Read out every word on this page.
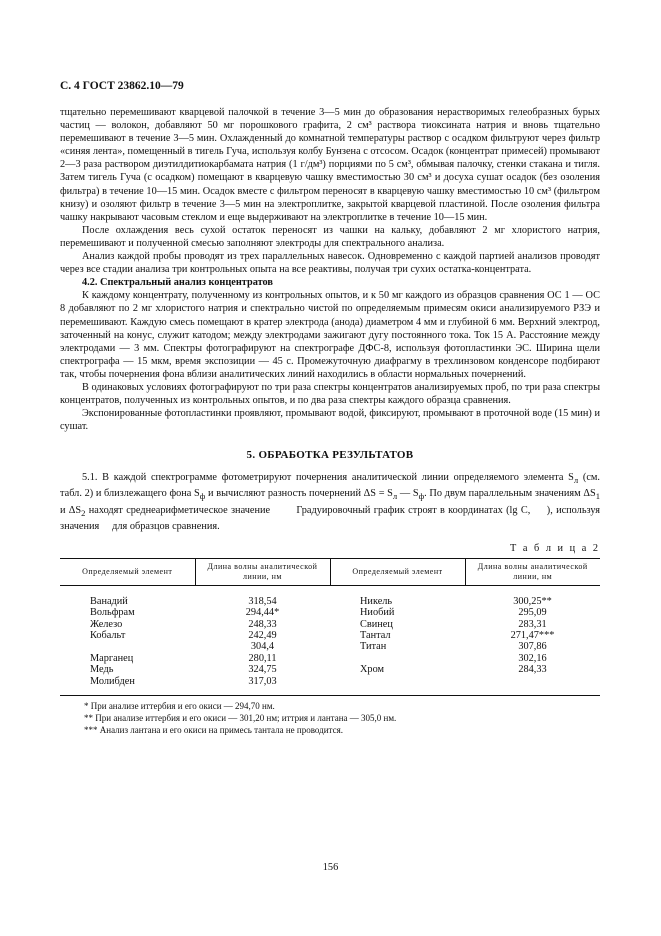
С. 4 ГОСТ 23862.10—79

тщательно перемешивают кварцевой палочкой в течение 3—5 мин до образования нерастворимых гелеобразных бурых частиц — волокон, добавляют 50 мг порошкового графита, 2 см³ раствора тиоксината натрия и вновь тщательно перемешивают в течение 3—5 мин. Охлажденный до комнатной температуры раствор с осадком фильтруют через фильтр «синяя лента», помещенный в тигель Гуча, используя колбу Бунзена с отсосом. Осадок (концентрат примесей) промывают 2—3 раза раствором диэтилдитиокарбамата натрия (1 г/дм³) порциями по 5 см³, обмывая палочку, стенки стакана и тигля. Затем тигель Гуча (с осадком) помещают в кварцевую чашку вместимостью 30 см³ и досуха сушат осадок (без озоления фильтра) в течение 10—15 мин. Осадок вместе с фильтром переносят в кварцевую чашку вместимостью 10 см³ (фильтром книзу) и озоляют фильтр в течение 3—5 мин на электроплитке, закрытой кварцевой пластиной. После озоления фильтра чашку накрывают часовым стеклом и еще выдерживают на электроплитке в течение 10—15 мин.

После охлаждения весь сухой остаток переносят из чашки на кальку, добавляют 2 мг хлористого натрия, перемешивают и полученной смесью заполняют электроды для спектрального анализа.

Анализ каждой пробы проводят из трех параллельных навесок. Одновременно с каждой партией анализов проводят через все стадии анализа три контрольных опыта на все реактивы, получая три сухих остатка-концентрата.

4.2. Спектральный анализ концентратов

К каждому концентрату, полученному из контрольных опытов, и к 50 мг каждого из образцов сравнения ОС 1 — ОС 8 добавляют по 2 мг хлористого натрия и спектрально чистой по определяемым примесям окиси анализируемого РЗЭ и перемешивают. Каждую смесь помещают в кратер электрода (анода) диаметром 4 мм и глубиной 6 мм. Верхний электрод, заточенный на конус, служит катодом; между электродами зажигают дугу постоянного тока. Ток 15 А. Расстояние между электродами — 3 мм. Спектры фотографируют на спектрографе ДФС-8, используя фотопластинки ЭС. Ширина щели спектрографа — 15 мкм, время экспозиции — 45 с. Промежуточную диафрагму в трехлинзовом конденсоре подбирают так, чтобы почернения фона вблизи аналитических линий находились в области нормальных почернений.

В одинаковых условиях фотографируют по три раза спектры концентратов анализируемых проб, по три раза спектры концентратов, полученных из контрольных опытов, и по два раза спектры каждого образца сравнения.

Экспонированные фотопластинки проявляют, промывают водой, фиксируют, промывают в проточной воде (15 мин) и сушат.

5. ОБРАБОТКА РЕЗУЛЬТАТОВ

5.1. В каждой спектрограмме фотометрируют почернения аналитической линии определяемого элемента $S_л$ (см. табл. 2) и близлежащего фона $S_ф$ и вычисляют разность почернений $\Delta S = S_л$ — $S_ф$. По двум параллельным значениям $\Delta S_1$ и $\Delta S_2$ находят среднеарифметическое значение        Градуировочный график строят в координатах (lg C, ), используя значения для образцов сравнения.

Т а б л и ц а 2
Определяемый элемент	Длина волны аналитической линии, нм	Определяемый элемент	Длина волны аналитической линии, нм
Ванадий	318,54	Никель	300,25**
Вольфрам	294,44*	Ниобий	295,09
Железо	248,33	Свинец	283,31
Кобальт	242,49	Тантал	271,47***
	304,4	Титан	307,86
Марганец	280,11		302,16
Медь	324,75	Хром	284,33
Молибден	317,03		
* При анализе иттербия и его окиси — 294,70 нм.
** При анализе иттербия и его окиси — 301,20 нм; иттрия и лантана — 305,0 нм.
*** Анализ лантана и его окиси на примесь тантала не проводится.
156
